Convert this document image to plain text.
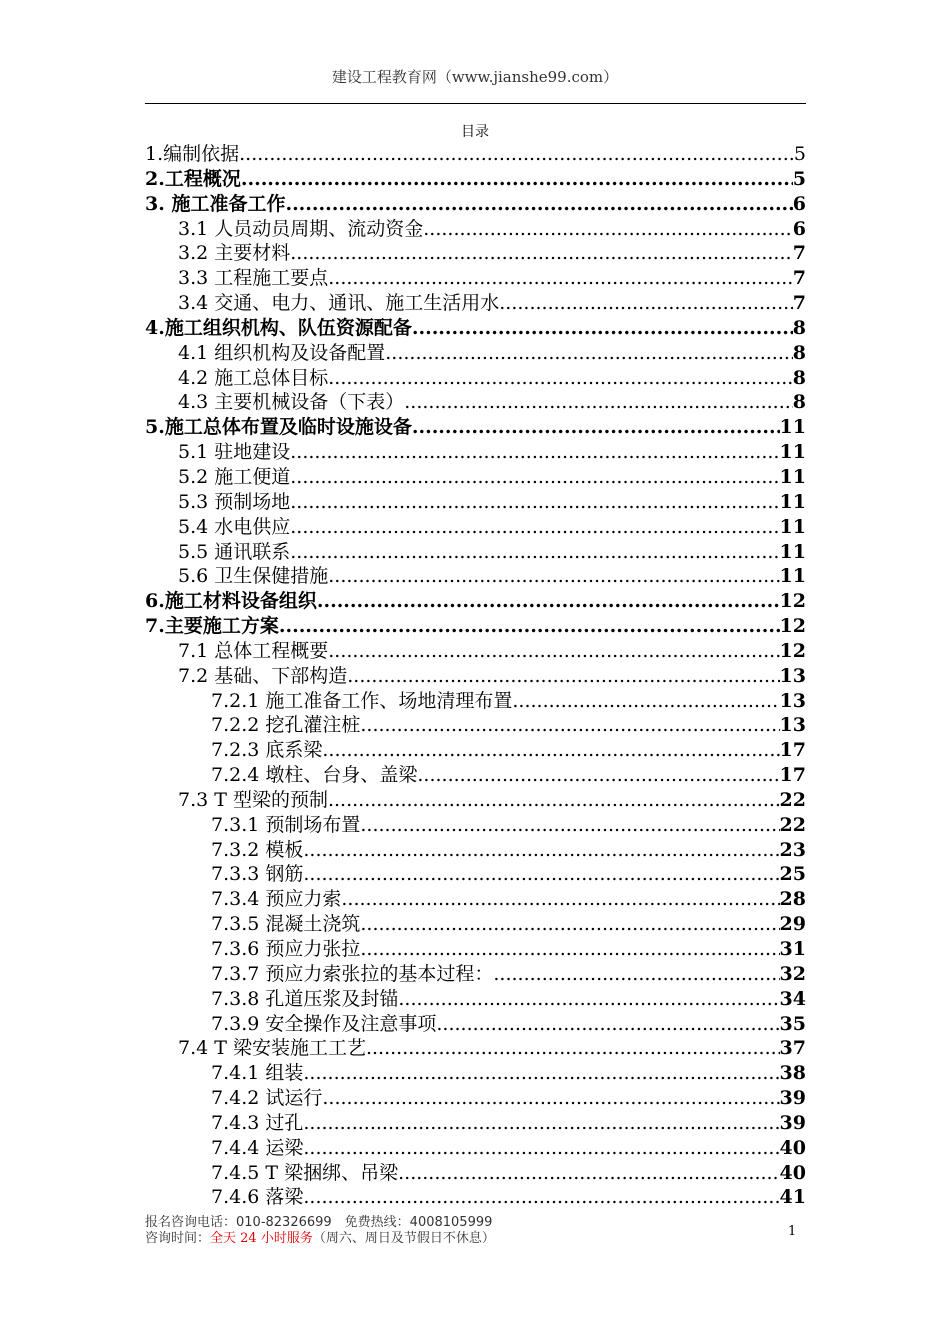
建设工程教育网（www.jianshe99.com）
目录
1.编制依据 .....	5
2.工程概况 .....	5
3. 施工准备工作 .....	6
3.1 人员动员周期、流动资金 .....	6
3.2 主要材料 .....	7
3.3 工程施工要点 .....	7
3.4 交通、电力、通讯、施工生活用水 .....	7
4.施工组织机构、队伍资源配备 .....	8
4.1 组织机构及设备配置 .....	8
4.2 施工总体目标 .....	8
4.3 主要机械设备（下表） .....	8
5.施工总体布置及临时设施设备 .....	11
5.1 驻地建设 .....	11
5.2 施工便道 .....	11
5.3 预制场地 .....	11
5.4 水电供应 .....	11
5.5 通讯联系 .....	11
5.6 卫生保健措施 .....	11
6.施工材料设备组织 .....	12
7.主要施工方案 .....	12
7.1 总体工程概要 .....	12
7.2 基础、下部构造 .....	13
7.2.1 施工准备工作、场地清理布置 .....	13
7.2.2 挖孔灌注桩 .....	13
7.2.3 底系梁 .....	17
7.2.4 墩柱、台身、盖梁 .....	17
7.3 T 型梁的预制 .....	22
7.3.1 预制场布置 .....	22
7.3.2 模板 .....	23
7.3.3 钢筋 .....	25
7.3.4 预应力索 .....	28
7.3.5 混凝土浇筑 .....	29
7.3.6 预应力张拉 .....	31
7.3.7 预应力索张拉的基本过程： .....	32
7.3.8 孔道压浆及封锚 .....	34
7.3.9 安全操作及注意事项 .....	35
7.4 T 梁安装施工工艺 .....	37
7.4.1 组装 .....	38
7.4.2 试运行 .....	39
7.4.3 过孔 .....	39
7.4.4 运梁 .....	40
7.4.5 T 梁捆绑、吊梁 .....	40
7.4.6 落梁 .....	41
报名咨询电话：010-82326699　免费热线：4008105999
咨询时间：全天 24 小时服务（周六、周日及节假日不休息）	1
